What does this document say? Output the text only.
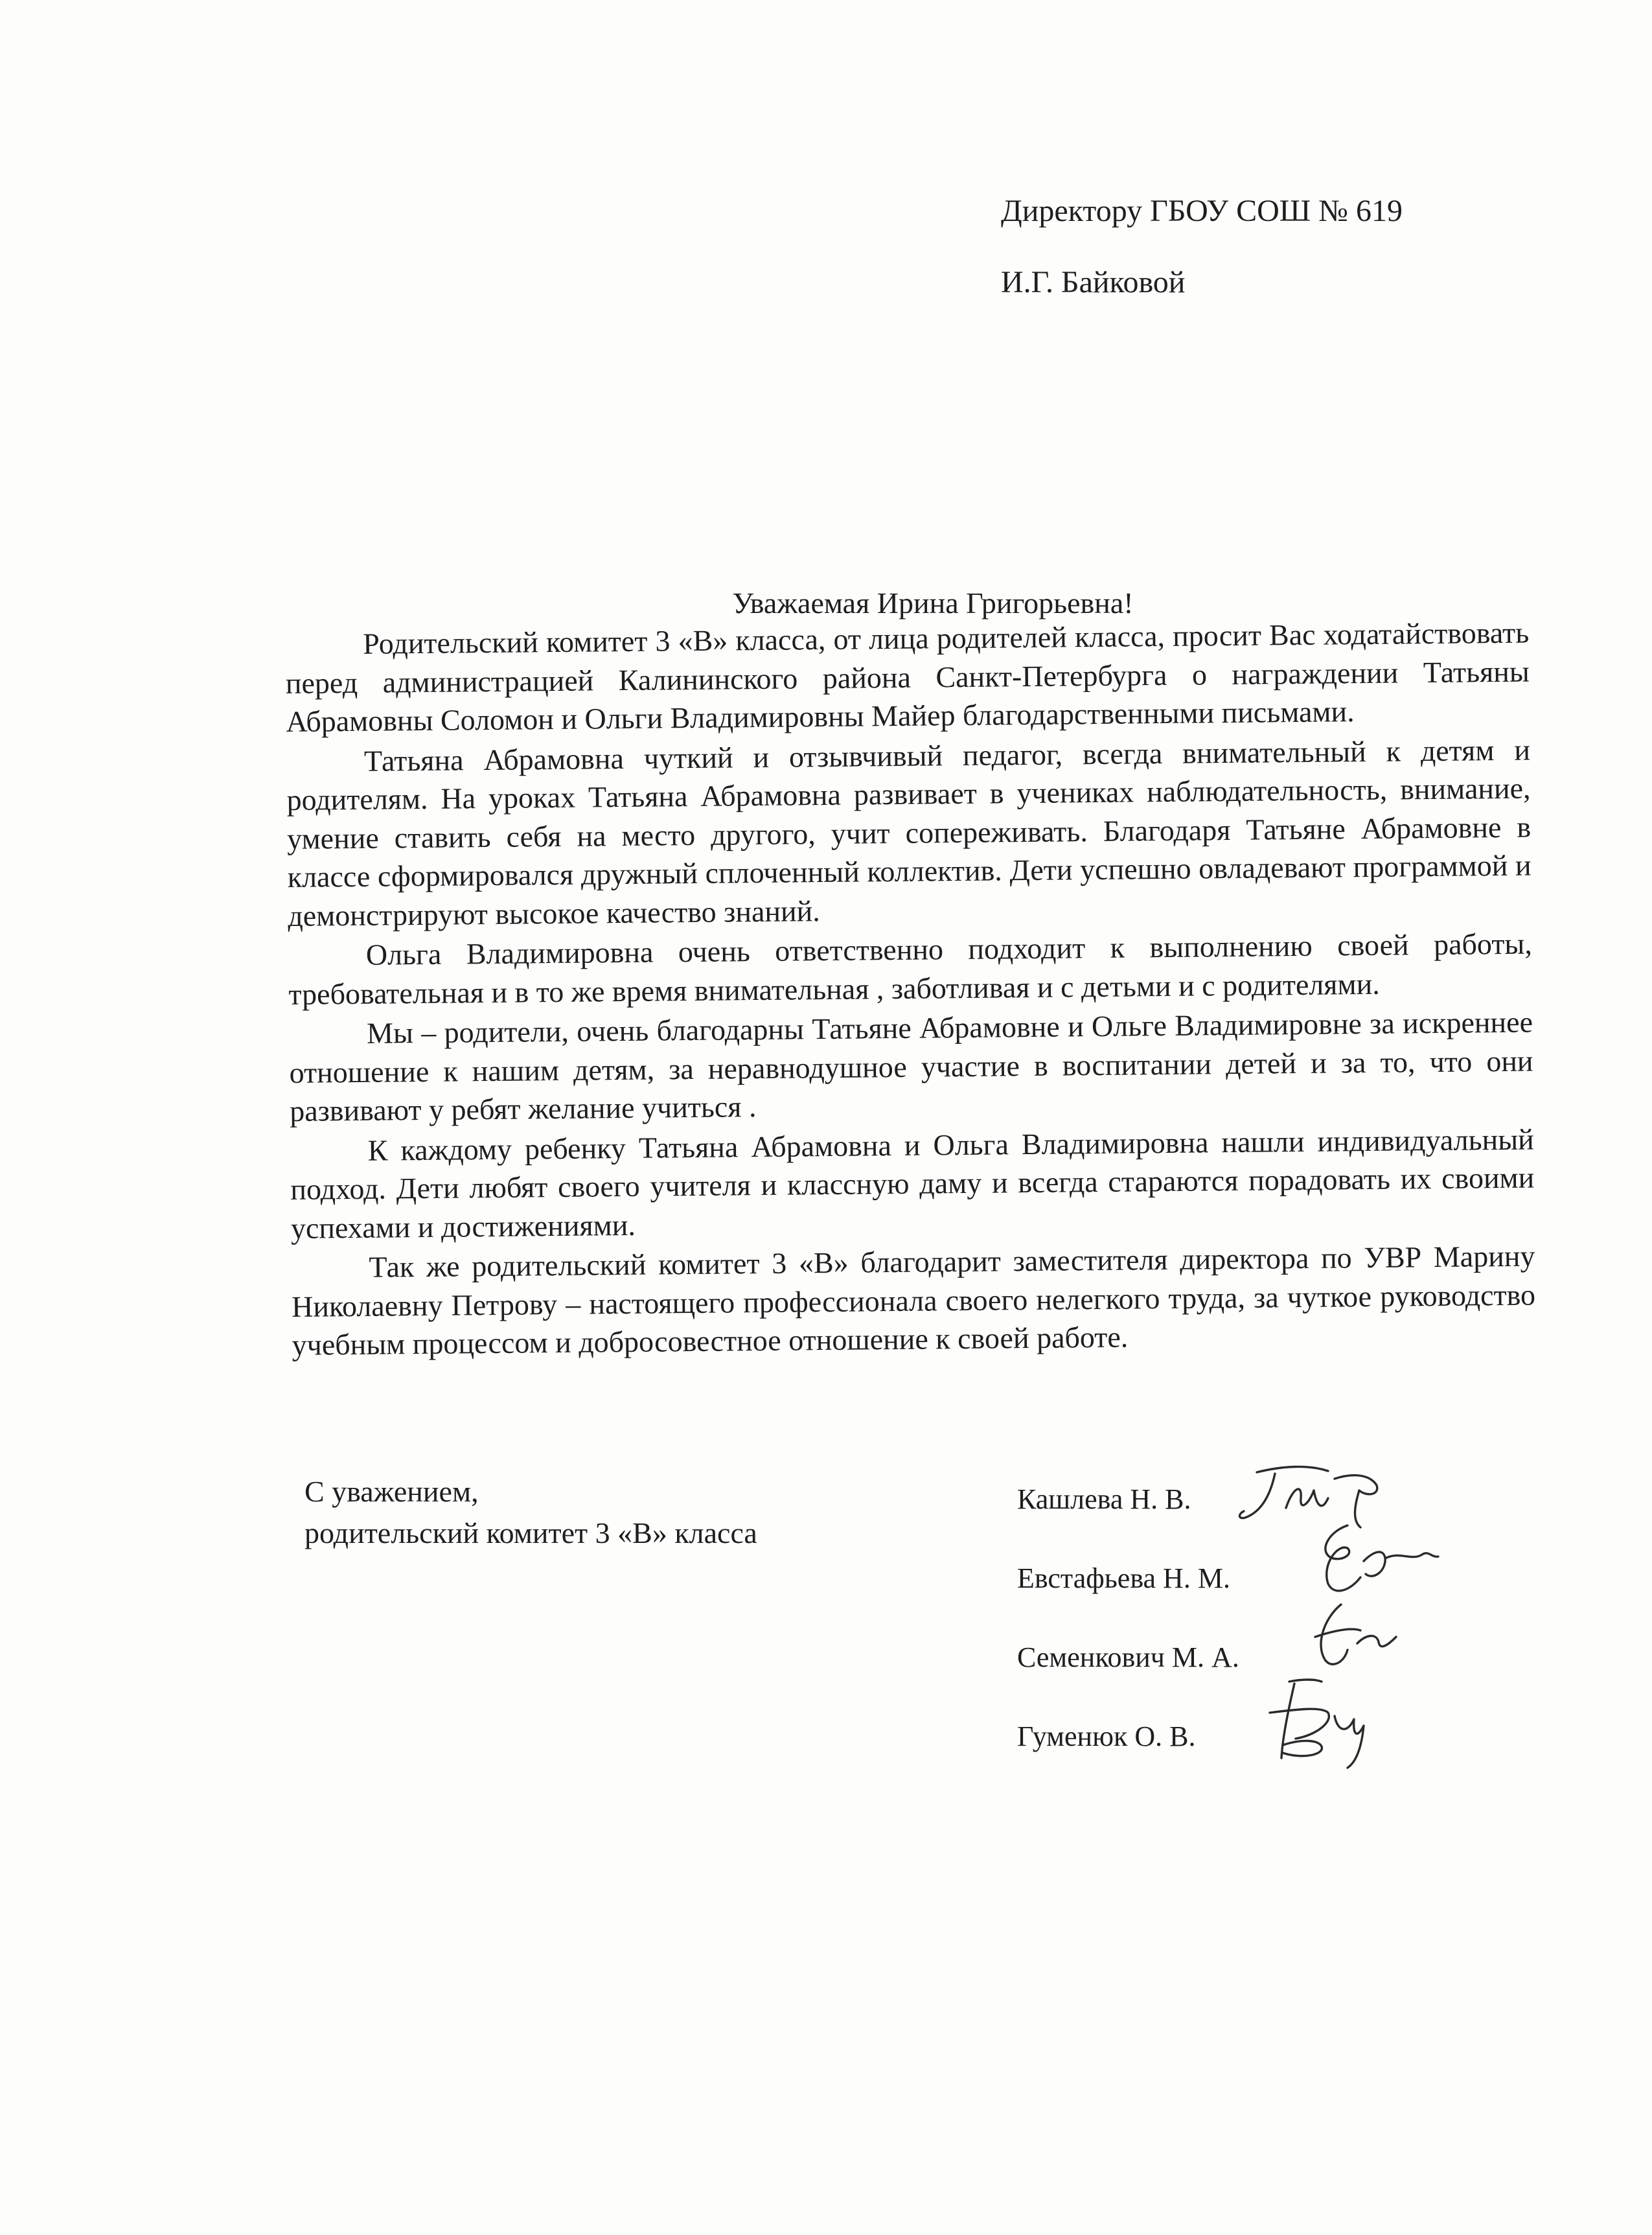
Директору ГБОУ СОШ № 619
И.Г. Байковой
Уважаемая Ирина Григорьевна!

Родительский комитет 3 «В» класса, от лица родителей класса, просит Вас ходатайствовать перед администрацией Калининского района Санкт-Петербурга о награждении Татьяны Абрамовны Соломон и Ольги Владимировны Майер благодарственными письмами.

Татьяна Абрамовна чуткий и отзывчивый педагог, всегда внимательный к детям и родителям. На уроках Татьяна Абрамовна развивает в учениках наблюдательность, внимание, умение ставить себя на место другого, учит сопереживать. Благодаря Татьяне Абрамовне в классе сформировался дружный сплоченный коллектив. Дети успешно овладевают программой и демонстрируют высокое качество знаний.

Ольга Владимировна очень ответственно подходит к выполнению своей работы, требовательная и в то же время внимательная , заботливая и с детьми и с родителями.

Мы – родители, очень благодарны Татьяне Абрамовне и Ольге Владимировне за искреннее отношение к нашим детям, за неравнодушное участие в воспитании детей и за то, что они развивают у ребят желание учиться .

К каждому ребенку Татьяна Абрамовна и Ольга Владимировна нашли индивидуальный подход. Дети любят своего учителя и классную даму и всегда стараются порадовать их своими успехами и достижениями.

Так же родительский комитет 3 «В» благодарит заместителя директора по УВР Марину Николаевну Петрову – настоящего профессионала своего нелегкого труда, за чуткое руководство учебным процессом и добросовестное отношение к своей работе.

С уважением,
родительский комитет 3 «В» класса
Кашлева Н. В.
Евстафьева Н. М.
Семенкович М. А.
Гуменюк О. В.
